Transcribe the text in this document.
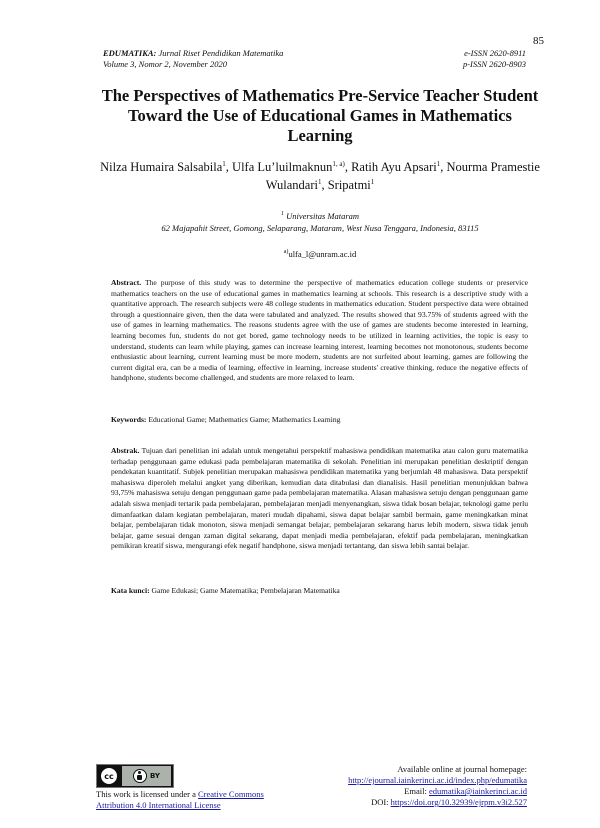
85
EDUMATIKA: Jurnal Riset Pendidikan Matematika	e-ISSN 2620-8911
Volume 3, Nomor 2, November 2020	p-ISSN 2620-8903
The Perspectives of Mathematics Pre-Service Teacher Student Toward the Use of Educational Games in Mathematics Learning
Nilza Humaira Salsabila$^1$, Ulfa Lu’luilmaknun$^{1, a)}$, Ratih Ayu Apsari$^1$, Nourma Pramestie Wulandari$^1$, Sripatmi$^1$
$^1$ Universitas Mataram
62 Majapahit Street, Gomong, Selaparang, Mataram, West Nusa Tenggara, Indonesia, 83115
$^{a)}$ulfa_l@unram.ac.id
Abstract. The purpose of this study was to determine the perspective of mathematics education college students or preservice mathematics teachers on the use of educational games in mathematics learning at schools. This research is a descriptive study with a quantitative approach. The research subjects were 48 college students in mathematics education. Student perspective data were obtained through a questionnaire given, then the data were tabulated and analyzed. The results showed that 93.75% of students agreed with the use of games in learning mathematics. The reasons students agree with the use of games are students become interested in learning, learning becomes fun, students do not get bored, game technology needs to be utilized in learning activities, the topic is easy to understand, students can learn while playing, games can increase learning interest, learning becomes not monotonous, students become enthusiastic about learning, current learning must be more modern, students are not surfeited about learning, games are following the current digital era, can be a media of learning, effective in learning, increase students' creative thinking, reduce the negative effects of handphone, students become challenged, and students are more relaxed to learn.
Keywords: Educational Game; Mathematics Game; Mathematics Learning
Abstrak. Tujuan dari penelitian ini adalah untuk mengetahui perspektif mahasiswa pendidikan matematika atau calon guru matematika terhadap penggunaan game edukasi pada pembelajaran matematika di sekolah. Penelitian ini merupakan penelitian deskriptif dengan pendekatan kuantitatif. Subjek penelitian merupakan mahasiswa pendidikan matematika yang berjumlah 48 mahasiswa. Data perspektif mahasiswa diperoleh melalui angket yang diberikan, kemudian data ditabulasi dan dianalisis. Hasil penelitian menunjukkan bahwa 93,75% mahasiswa setuju dengan penggunaan game pada pembelajaran matematika. Alasan mahasiswa setuju dengan penggunaan game adalah siswa menjadi tertarik pada pembelajaran, pembelajaran menjadi menyenangkan, siswa tidak bosan belajar, teknologi game perlu dimanfaatkan dalam kegiatan pembelajaran, materi mudah dipahami, siswa dapat belajar sambil bermain, game meningkatkan minat belajar, pembelajaran tidak monoton, siswa menjadi semangat belajar, pembelajaran sekarang harus lebih modern, siswa tidak jenuh belajar, game sesuai dengan zaman digital sekarang, dapat menjadi media pembelajaran, efektif pada pembelajaran, meningkatkan pemikiran kreatif siswa, mengurangi efek negatif handphone, siswa menjadi tertantang, dan siswa lebih santai belajar.
Kata kunci: Game Edukasi; Game Matematika; Pembelajaran Matematika
cc	BY
This work is licensed under a Creative Commons
Attribution 4.0 International License
Available online at journal homepage:
http://ejournal.iainkerinci.ac.id/index.php/edumatika
Email: edumatika@iainkerinci.ac.id
DOI: https://doi.org/10.32939/ejrpm.v3i2.527
